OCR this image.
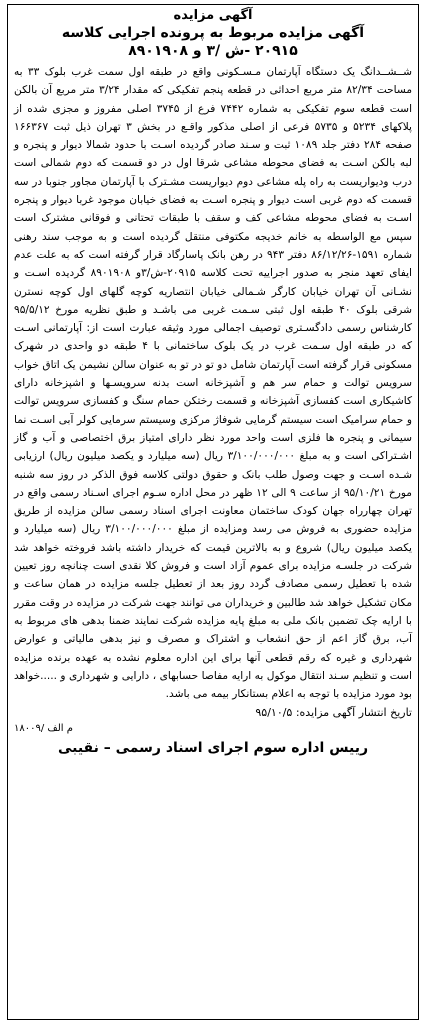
آگهی مزایده
آگهی مزایده مربوط به پرونده اجرایی کلاسه
۲۰۹۱۵ -ش /۳ و ۸۹۰۱۹۰۸

شــشــدانگ یک دستگاه آپارتمان مـسـکونی واقع در طبقه اول سمت غرب بلوک ۳۳ به مساحت ۸۲/۳۴ متر مربع احداثی در قطعه پنجم تفکیکی که مقدار ۳/۲۴ متر مربع آن بالکن است قطعه سوم تفکیکی به شماره ۷۴۴۲ فرع از ۳۷۴۵ اصلی مفروز و مجزی شده از پلاکهای ۵۲۳۴ و ۵۷۳۵ فرعی از اصلی مذکور واقـع در بخش ۳ تهران ذیل ثبت ۱۶۶۳۶۷ صفحه ۲۸۴ دفتر جلد ۱۰۸۹ ثبت و سـند صادر گردیده اسـت با حدود شمالا دیوار و پنجره و لبه بالکن اسـت به فضای محوطه مشاعی شرقا اول در دو قسمت که دوم شمالی است درب ودیواریست به راه پله مشاعی دوم دیواریست مشـترک با آپارتمان مجاور جنوبا در سه قسمت که دوم غربی است دیوار و پنجره اسـت به فضای خیابان موجود غربا دیوار و پنجره اسـت به فضای محوطه مشاعی کف و سقف با طبقات تحتانی و فوقانی مشترک است سپس مع الواسطه به خانم خدیجه مکتوفی منتقل گردیده است و به موجب سند رهنی شماره ۱۵۹۱-۸۶/۱۲/۲۶ دفتر ۹۴۳ در رهن بانک پاسارگاد قرار گرفته است که به علت عدم ایفای تعهد منجر به صدور اجراییه تحت کلاسه ۲۰۹۱۵-ش/۳و ۸۹۰۱۹۰۸ گردیده اسـت و نشـانی آن تهران خیابان کارگر شـمالی خیابان انتصاریه کوچه گلهای اول کوچه نسترن شرقی بلوک ۴۰ طبقه اول ثبتی سـمت غربی می باشـد و طبق نظریه مورخ ۹۵/۵/۱۲ کارشناس رسمی دادگسـتری توصیف اجمالی مورد وثیقه عبارت است از: آپارتمانی اسـت که در طبقه اول سـمت غرب در یک بلوک ساختمانی با ۴ طبقه دو واحدی در شهرک مسکونی قرار گرفته است آپارتمان شامل دو تو در تو به عنوان سالن نشیمن یک اتاق خواب سرویس توالت و حمام سر هم و آشپزخانه است بدنه سرویسـها و اشپزخانه دارای کاشیکاری است کفسازی آشپزخانه و قسمت رختکن حمام سنگ و کفسازی سرویس توالت و حمام سرامیک است سیستم گرمایی شوفاژ مرکزی وسیستم سرمایی کولر آبی اسـت نما سیمانی و پنجره ها فلزی است واحد مورد نظر دارای امتیاز برق اختصاصی و آب و گاز اشـتراکی است و به مبلغ ۳/۱۰۰/۰۰۰/۰۰۰ ریال (سه میلیارد و یکصد میلیون ریال) ارزیابی شـده اسـت و جهت وصول طلب بانک و حقوق دولتی کلاسه فوق الذکر در روز سه شنبه مورخ ۹۵/۱۰/۲۱ از ساعت ۹ الی ۱۲ ظهر در محل اداره سـوم اجرای اسـناد رسمی واقع در تهران چهارراه جهان کودک ساختمان معاونت اجرای اسناد رسمی سالن مزایده از طریق مزایده حضوری به فروش می رسد ومزایده از مبلغ ۳/۱۰۰/۰۰۰/۰۰۰ ریال (سه میلیارد و یکصد میلیون ریال) شروع و به بالاترین قیمت که خریدار داشته باشد فروخته خواهد شد شرکت در جلسـه مزایده برای عموم آزاد است و فروش کلا نقدی است چنانچه روز تعیین شده با تعطیل رسمی مصادف گردد روز بعد از تعطیل جلسه مزایده در همان ساعت و مکان تشکیل خواهد شد طالبین و خریداران می توانند جهت شرکت در مزایده در وقت مقرر با ارایه چک تضمین بانک ملی به مبلغ پایه مزایده شرکت نمایند ضمنا بدهی های مربوط به آب، برق گاز اعم از حق انشعاب و اشتراک و مصرف و نیز بدهی مالیاتی و عوارض شهرداری و غیره که رقم قطعی آنها برای این اداره معلوم نشده به عهده برنده مزایده است و تنظیم سـند انتقال موکول به ارایه مفاصا حسابهای ، دارایی و شهرداری و .....خواهد بود مورد مزایده با توجه به اعلام بستانکار بیمه می باشد.

تاریخ انتشار آگهی مزایده: ۹۵/۱۰/۵
م الف /۱۸۰۰۹
رییس اداره سوم اجرای اسناد رسمی – نقیبی
